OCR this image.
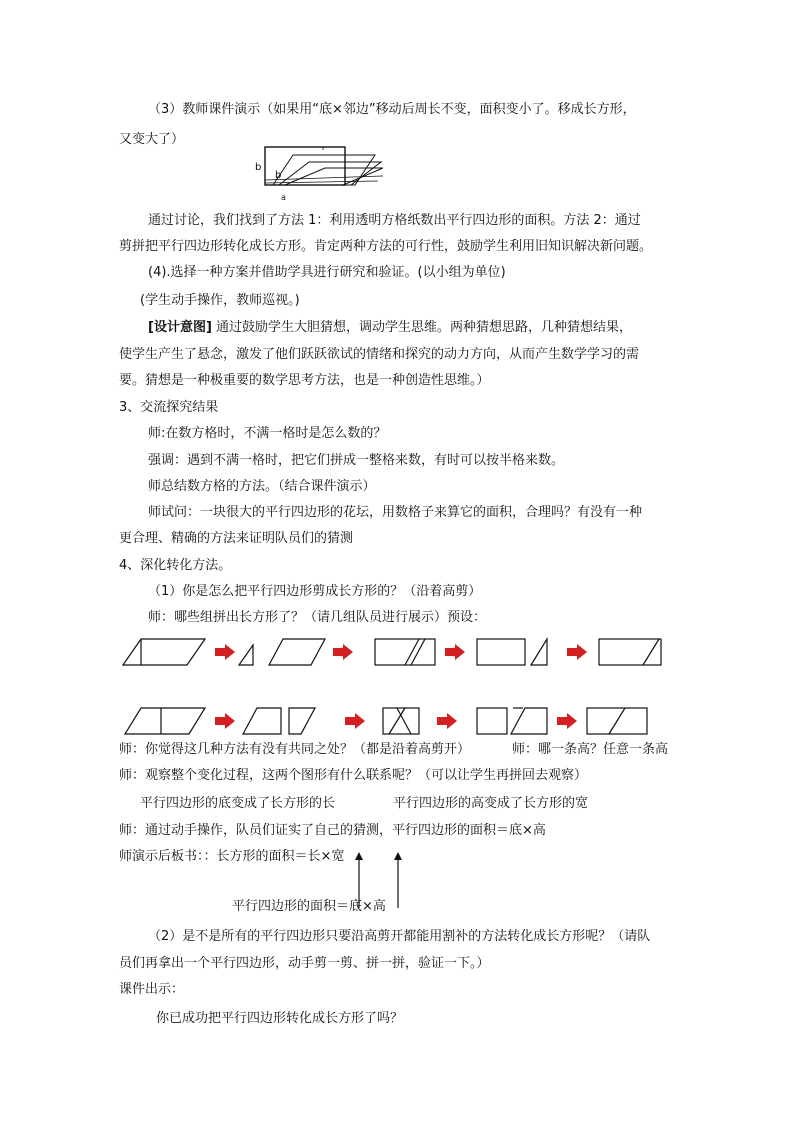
（3）教师课件演示（如果用“底×邻边”移动后周长不变，面积变小了。移成长方形，
又变大了）
b
b
a
通过讨论，我们找到了方法 1：利用透明方格纸数出平行四边形的面积。方法 2：通过
剪拼把平行四边形转化成长方形。肯定两种方法的可行性，鼓励学生利用旧知识解决新问题。
(4).选择一种方案并借助学具进行研究和验证。(以小组为单位)
(学生动手操作，教师巡视。)
[设计意图] 通过鼓励学生大胆猜想，调动学生思维。两种猜想思路，几种猜想结果，
使学生产生了悬念，激发了他们跃跃欲试的情绪和探究的动力方向，从而产生数学学习的需
要。猜想是一种极重要的数学思考方法，也是一种创造性思维。）
3、交流探究结果
师:在数方格时，不满一格时是怎么数的？
强调：遇到不满一格时，把它们拼成一整格来数，有时可以按半格来数。
师总结数方格的方法。（结合课件演示）
师试问：一块很大的平行四边形的花坛，用数格子来算它的面积，合理吗？有没有一种
更合理、精确的方法来证明队员们的猜测
4、深化转化方法。
（1）你是怎么把平行四边形剪成长方形的？（沿着高剪）
师：哪些组拼出长方形了？（请几组队员进行展示）预设：
师：你觉得这几种方法有没有共同之处？（都是沿着高剪开）	师：哪一条高？任意一条高
师：观察整个变化过程，这两个图形有什么联系呢？（可以让学生再拼回去观察）
平行四边形的底变成了长方形的长	平行四边形的高变成了长方形的宽
师：通过动手操作，队员们证实了自己的猜测，平行四边形的面积＝底×高
师演示后板书：：长方形的面积＝长×宽
平行四边形的面积＝底×高
（2）是不是所有的平行四边形只要沿高剪开都能用割补的方法转化成长方形呢？（请队
员们再拿出一个平行四边形，动手剪一剪、拼一拼，验证一下。）
课件出示：
你已成功把平行四边形转化成长方形了吗？
